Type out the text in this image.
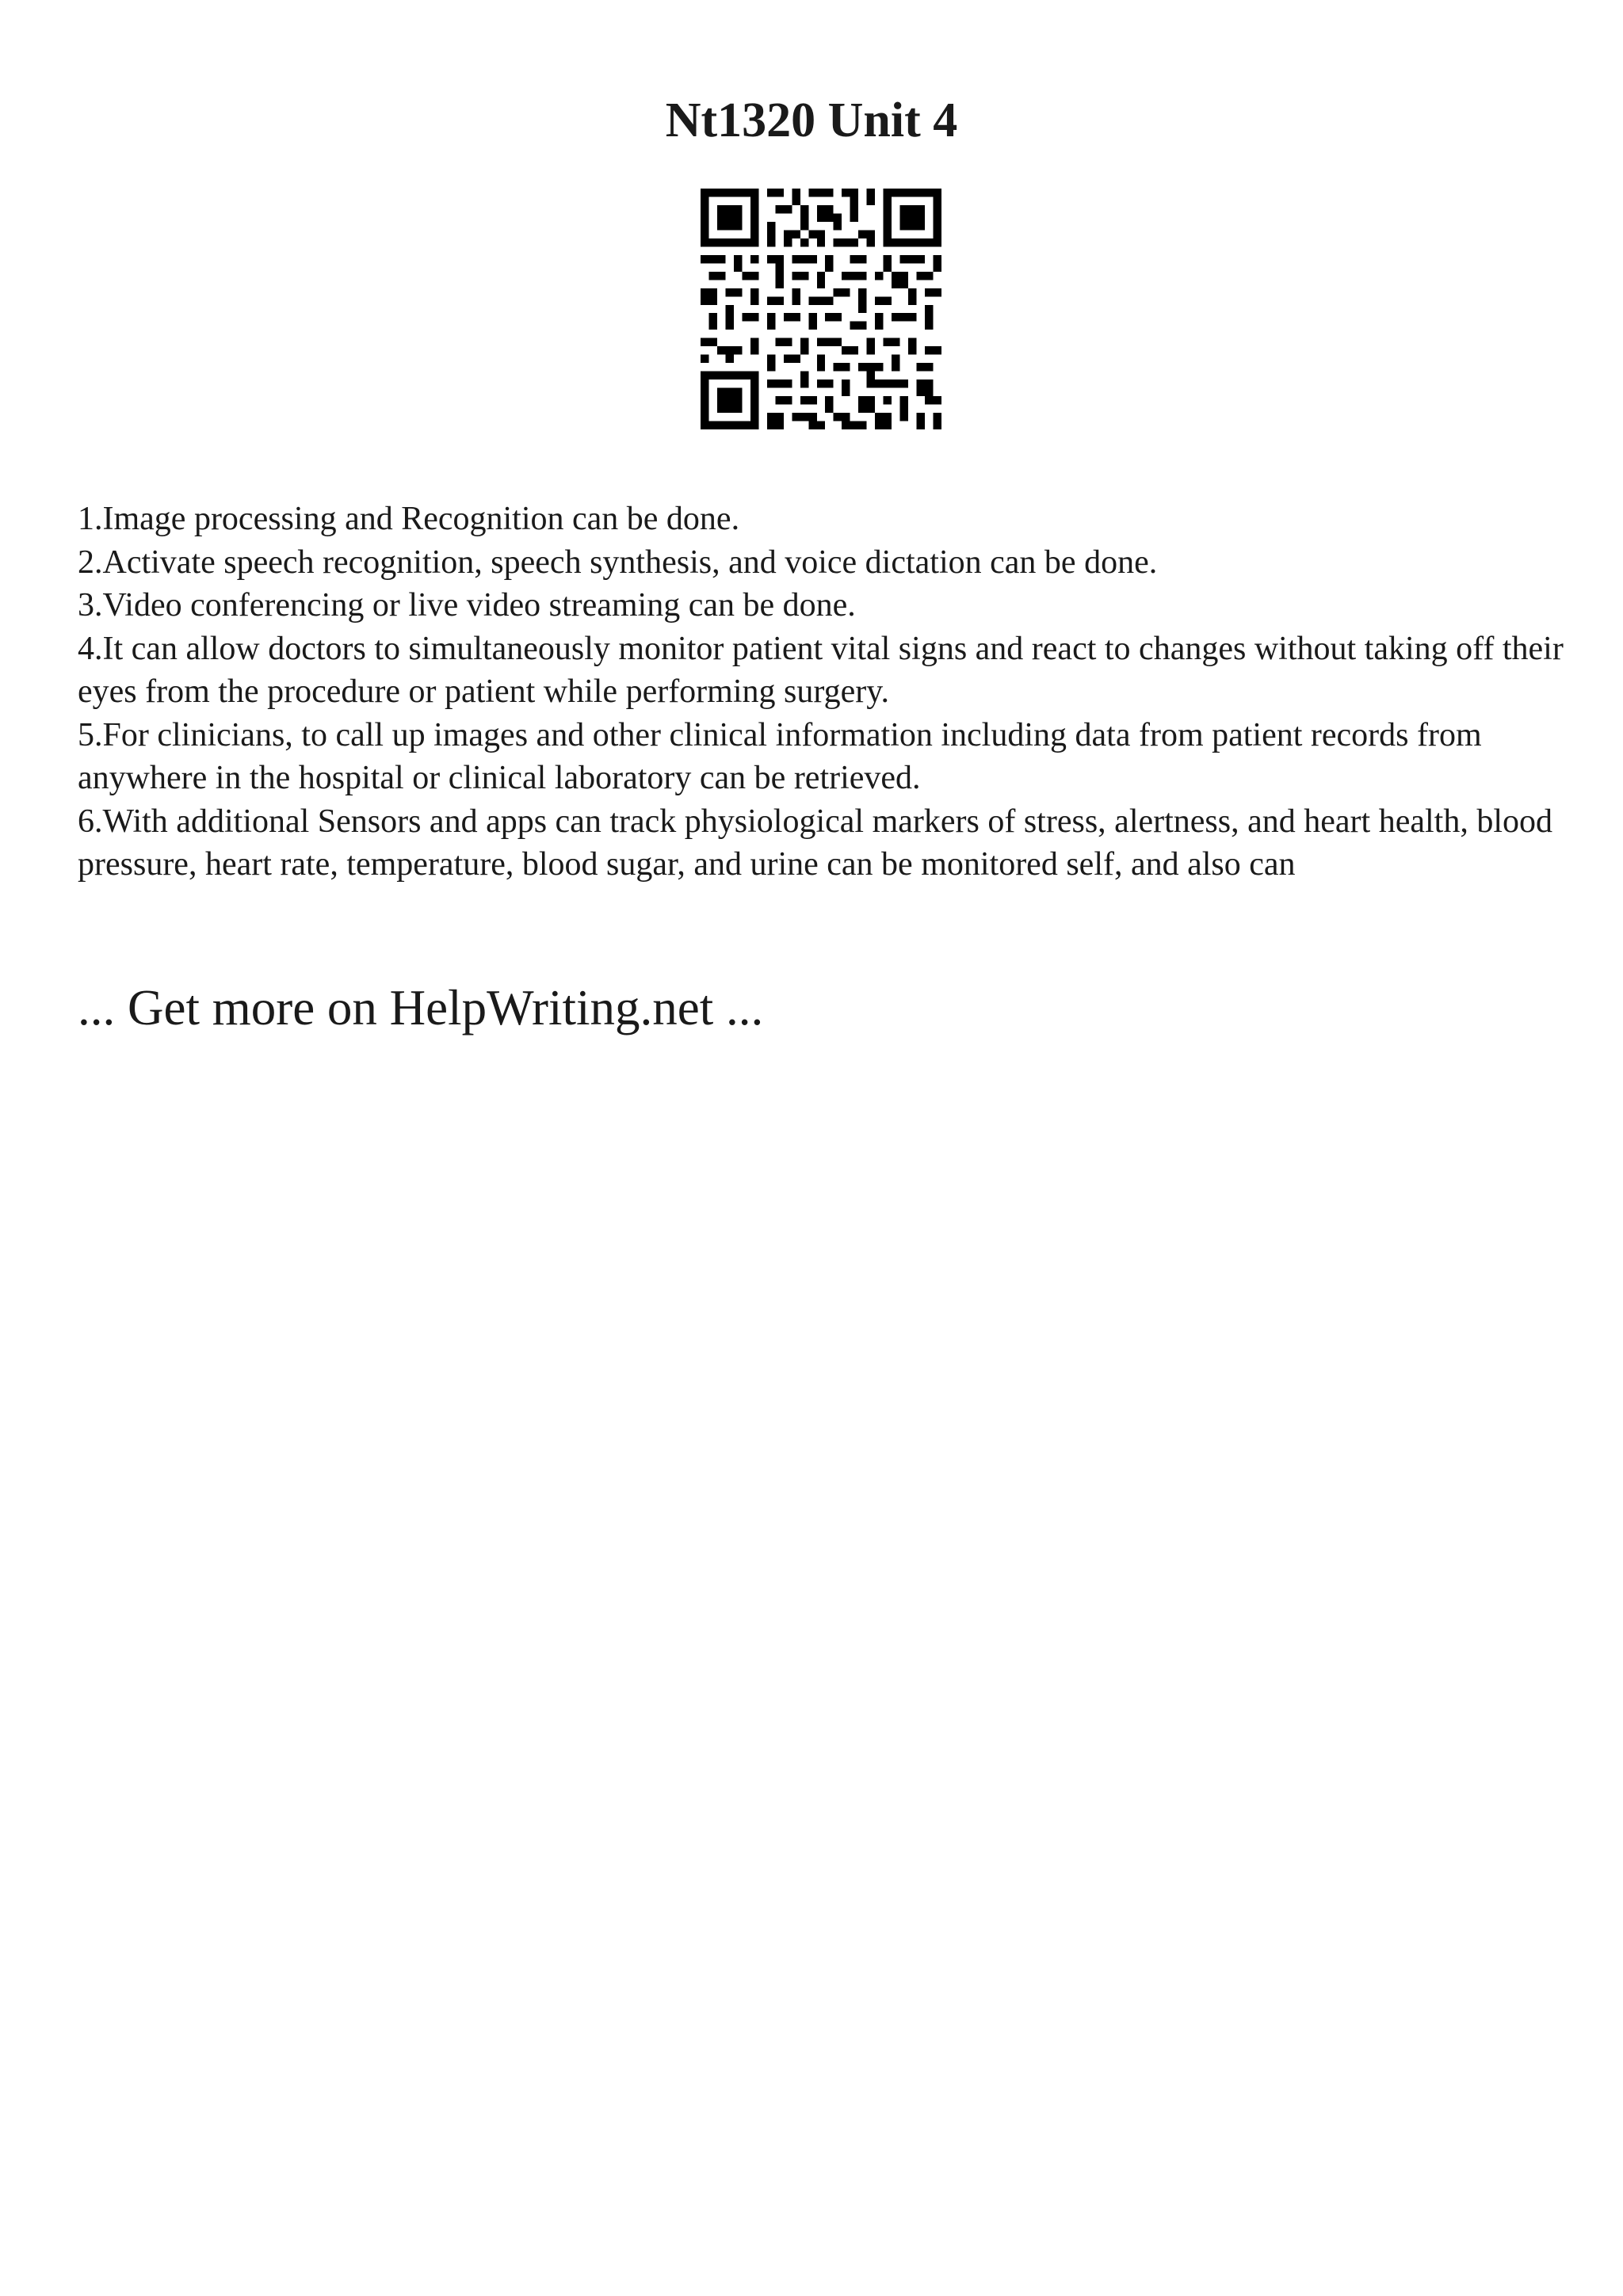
Nt1320 Unit 4

1.Image processing and Recognition can be done.

2.Activate speech recognition, speech synthesis, and voice dictation can be done.

3.Video conferencing or live video streaming can be done.

4.It can allow doctors to simultaneously monitor patient vital signs and react to changes without taking off their eyes from the procedure or patient while performing surgery.

5.For clinicians, to call up images and other clinical information including data from patient records from anywhere in the hospital or clinical laboratory can be retrieved.

6.With additional Sensors and apps can track physiological markers of stress, alertness, and heart health, blood pressure, heart rate, temperature, blood sugar, and urine can be monitored self, and also can

... Get more on HelpWriting.net ...
